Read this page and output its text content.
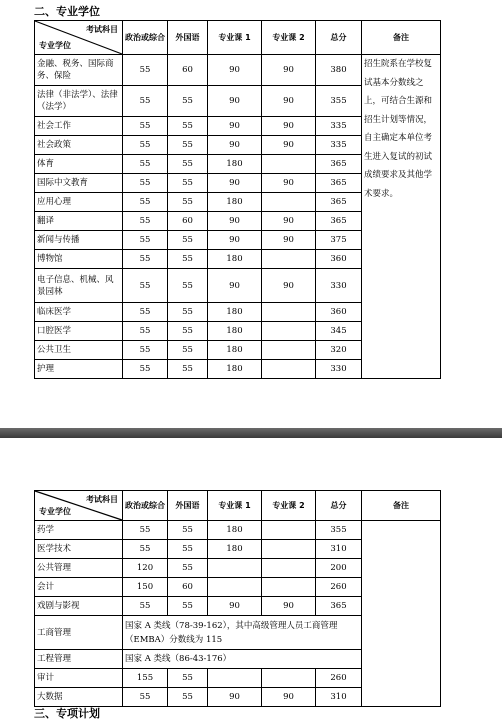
二、专业学位
考试科目
专业学位	政治或综合	外国语	专业课 1	专业课 2	总分	备注
金融、税务、国际商务、保险	55	60	90	90	380	招生院系在学校复试基本分数线之上，可结合生源和招生计划等情况，自主确定本单位考生进入复试的初试成绩要求及其他学术要求。
法律（非法学）、法律（法学）	55	55	90	90	355	
社会工作	55	55	90	90	335	
社会政策	55	55	90	90	335	
体育	55	55	180		365	
国际中文教育	55	55	90	90	365	
应用心理	55	55	180		365	
翻译	55	60	90	90	365	
新闻与传播	55	55	90	90	375	
博物馆	55	55	180		360	
电子信息、机械、风景园林	55	55	90	90	330	
临床医学	55	55	180		360	
口腔医学	55	55	180		345	
公共卫生	55	55	180		320	
护理	55	55	180		330	
考试科目
专业学位	政治或综合	外国语	专业课 1	专业课 2	总分	备注
药学	55	55	180		355	
医学技术	55	55	180		310	
公共管理	120	55			200	
会计	150	60			260	
戏剧与影视	55	55	90	90	365	
工商管理	国家 A 类线（78-39-162），其中高级管理人员工商管理（EMBA）分数线为 115					
工程管理	国家 A 类线（86-43-176）					
审计	155	55			260	
大数据	55	55	90	90	310	
三、专项计划
